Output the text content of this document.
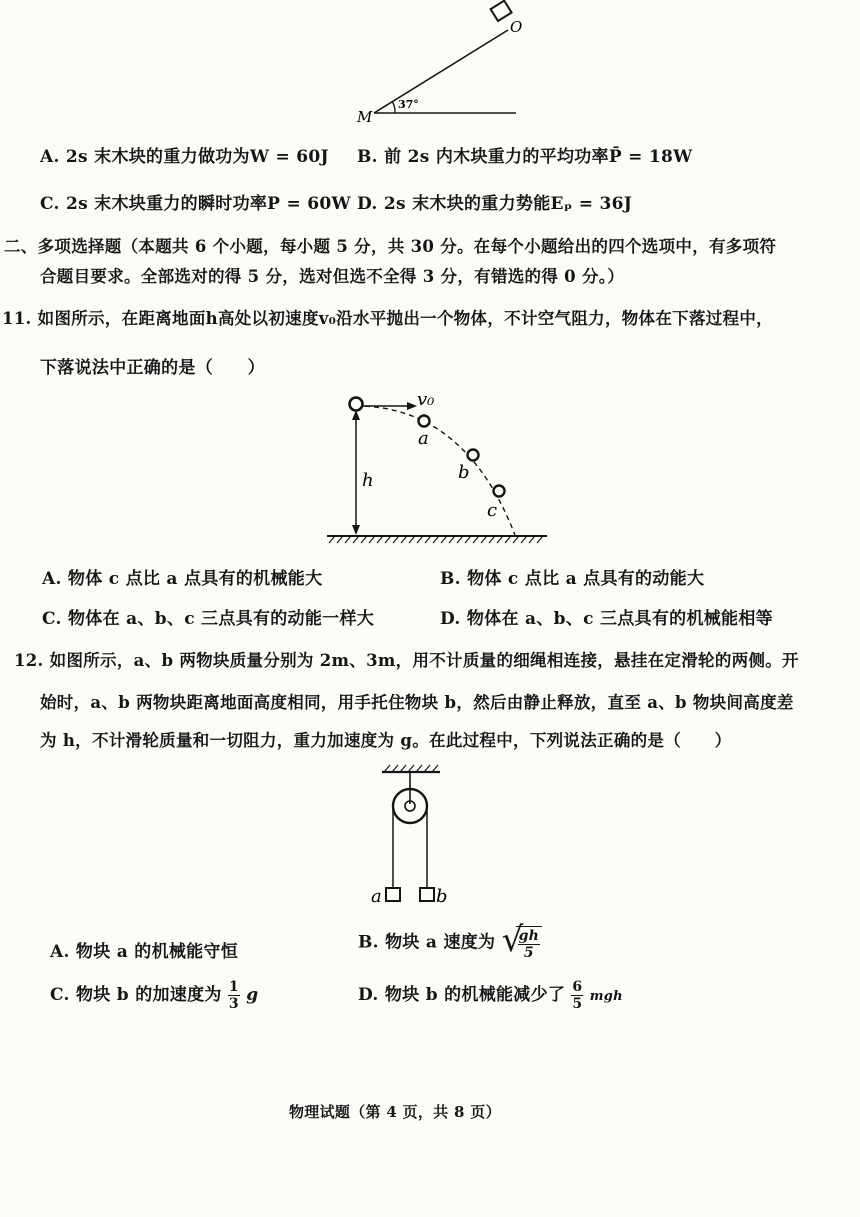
O
M
37°
A. 2s 末木块的重力做功为W = 60J B. 前 2s 内木块重力的平均功率P̄ = 18W
C. 2s 末木块重力的瞬时功率P = 60W D. 2s 末木块的重力势能Eₚ = 36J
二、多项选择题（本题共 6 个小题，每小题 5 分，共 30 分。在每个小题给出的四个选项中，有多项符
合题目要求。全部选对的得 5 分，选对但选不全得 3 分，有错选的得 0 分。）
11. 如图所示，在距离地面h高处以初速度v₀沿水平抛出一个物体，不计空气阻力，物体在下落过程中，
下落说法中正确的是（　　）
v₀
h
a
b
c
A. 物体 c 点比 a 点具有的机械能大	B. 物体 c 点比 a 点具有的动能大
C. 物体在 a、b、c 三点具有的动能一样大	D. 物体在 a、b、c 三点具有的机械能相等
12. 如图所示，a、b 两物块质量分别为 2m、3m，用不计质量的细绳相连接，悬挂在定滑轮的两侧。开
始时，a、b 两物块距离地面高度相同，用手托住物块 b，然后由静止释放，直至 a、b 物块间高度差
为 h，不计滑轮质量和一切阻力，重力加速度为 g。在此过程中，下列说法正确的是（　　）
a	b
A. 物块 a 的机械能守恒	B. 物块 a 速度为 √
$\frac{gh}{5}$
C. 物块 b 的加速度为 $\frac{1}{3}$ g	D. 物块 b 的机械能减少了 $\frac{6}{5}$ mgh
物理试题（第 4 页，共 8 页）
